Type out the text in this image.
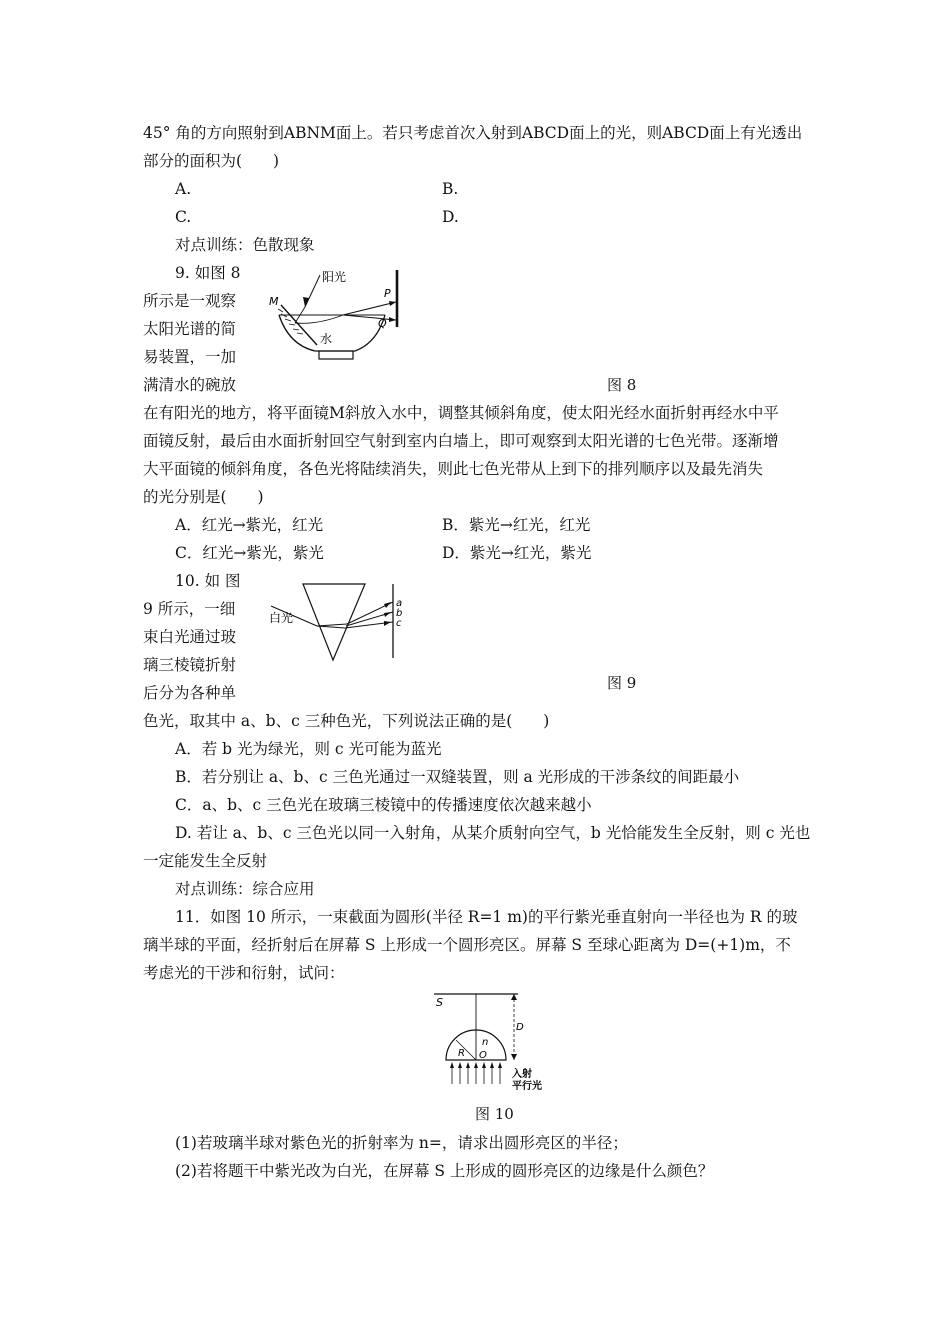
45° 角的方向照射到ABNM面上。若只考虑首次入射到ABCD面上的光，则ABCD面上有光透出
部分的面积为(　　)
A.	B.
C.	D.
对点训练：色散现象
9. 如图 8
所示是一观察
太阳光谱的简
易装置，一加
满清水的碗放
阳光
M
P
Q
水
图 8
在有阳光的地方，将平面镜M斜放入水中，调整其倾斜角度，使太阳光经水面折射再经水中平
面镜反射，最后由水面折射回空气射到室内白墙上，即可观察到太阳光谱的七色光带。逐渐增
大平面镜的倾斜角度，各色光将陆续消失，则此七色光带从上到下的排列顺序以及最先消失
的光分别是(　　)
A．红光→紫光，红光	B．紫光→红光，红光
C．红光→紫光，紫光	D．紫光→红光，紫光
10. 如 图
9 所示，一细
束白光通过玻
璃三棱镜折射
后分为各种单
白光
a
b
c
图 9
色光，取其中 a、b、c 三种色光，下列说法正确的是(　　)
A．若 b 光为绿光，则 c 光可能为蓝光
B．若分别让 a、b、c 三色光通过一双缝装置，则 a 光形成的干涉条纹的间距最小
C．a、b、c 三色光在玻璃三棱镜中的传播速度依次越来越小
D. 若让 a、b、c 三色光以同一入射角，从某介质射向空气，b 光恰能发生全反射，则 c 光也
一定能发生全反射
对点训练：综合应用
11．如图 10 所示，一束截面为圆形(半径 R=1 m)的平行紫光垂直射向一半径也为 R 的玻
璃半球的平面，经折射后在屏幕 S 上形成一个圆形亮区。屏幕 S 至球心距离为 D=(+1)m，不
考虑光的干涉和衍射，试问：
S
D
n
R O
入射
平行光
图 10
(1)若玻璃半球对紫色光的折射率为 n=，请求出圆形亮区的半径；
(2)若将题干中紫光改为白光，在屏幕 S 上形成的圆形亮区的边缘是什么颜色？
